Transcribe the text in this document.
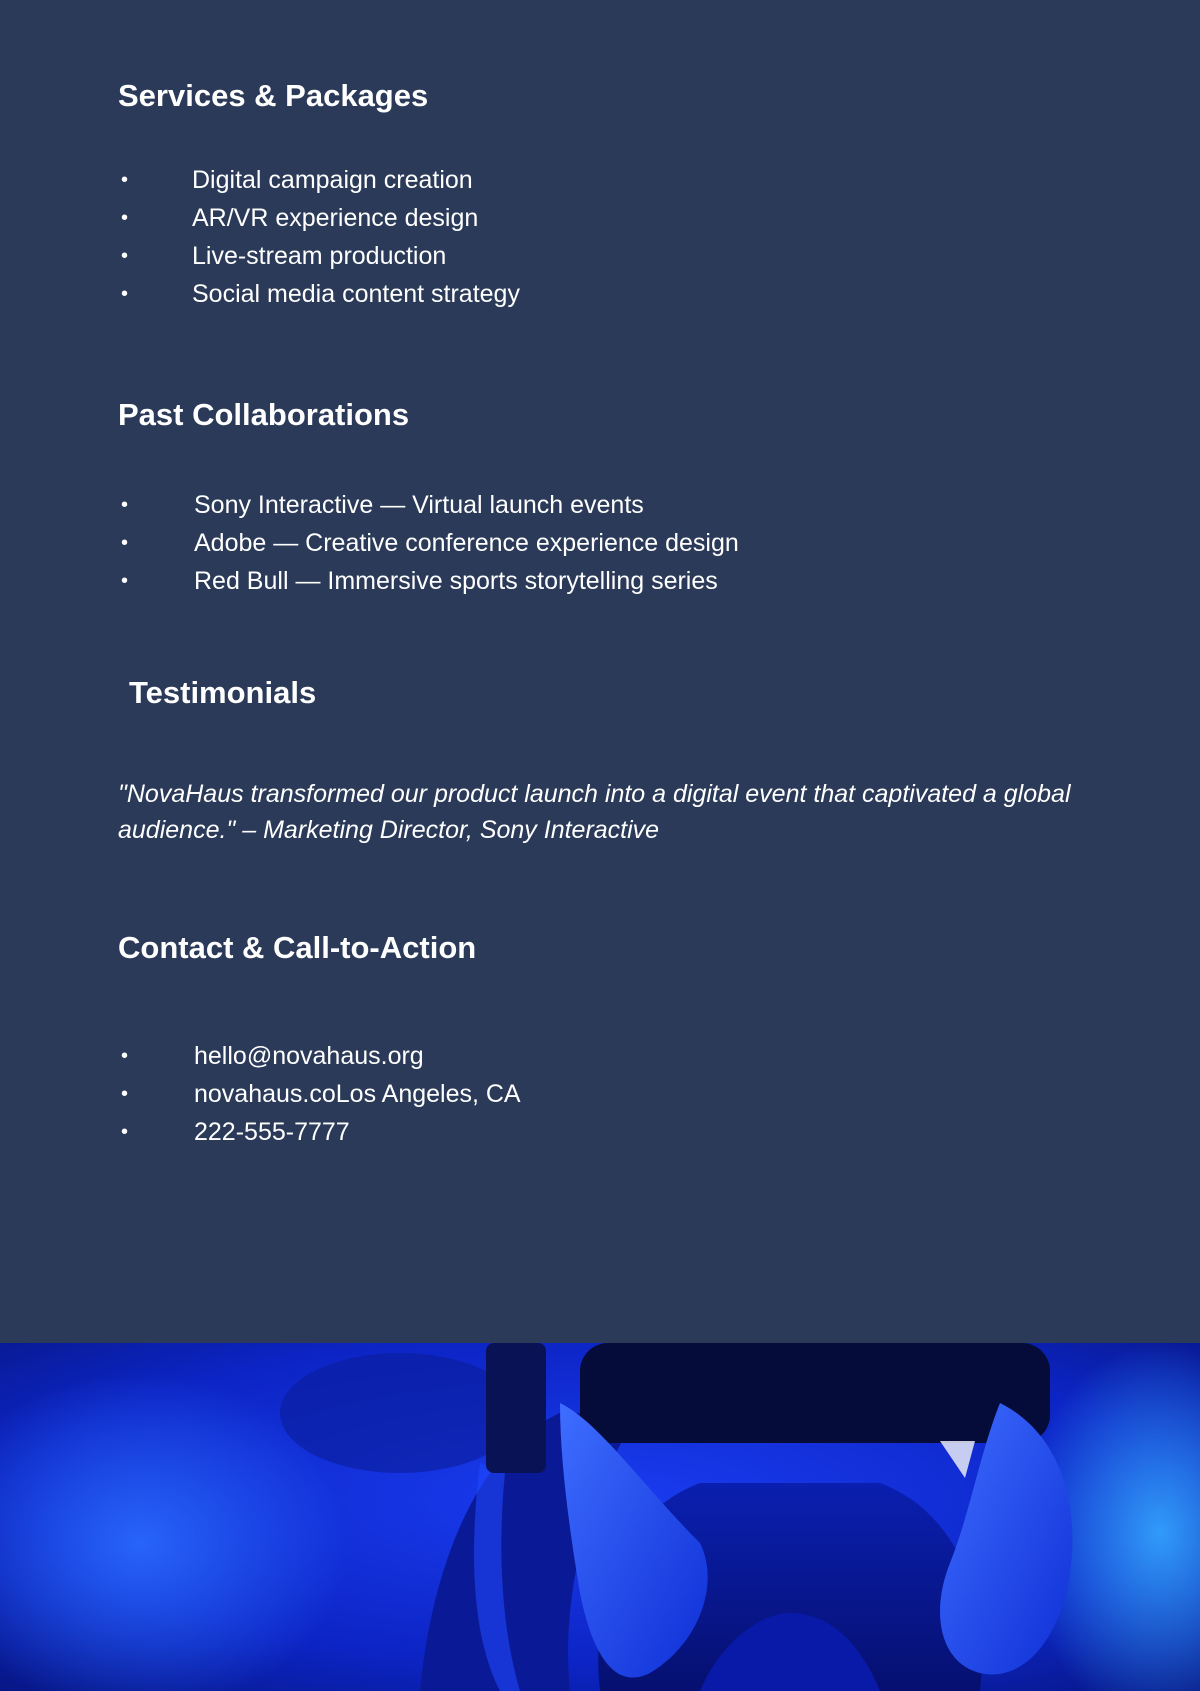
Services & Packages
•	Digital campaign creation
•	AR/VR experience design
•	Live-stream production
•	Social media content strategy
Past Collaborations
•	Sony Interactive — Virtual launch events
•	Adobe — Creative conference experience design
•	Red Bull — Immersive sports storytelling series
Testimonials

"NovaHaus transformed our product launch into a digital event that captivated a global audience." – Marketing Director, Sony Interactive

Contact & Call-to-Action
•	hello@novahaus.org
•	novahaus.coLos Angeles, CA
•	222-555-7777
